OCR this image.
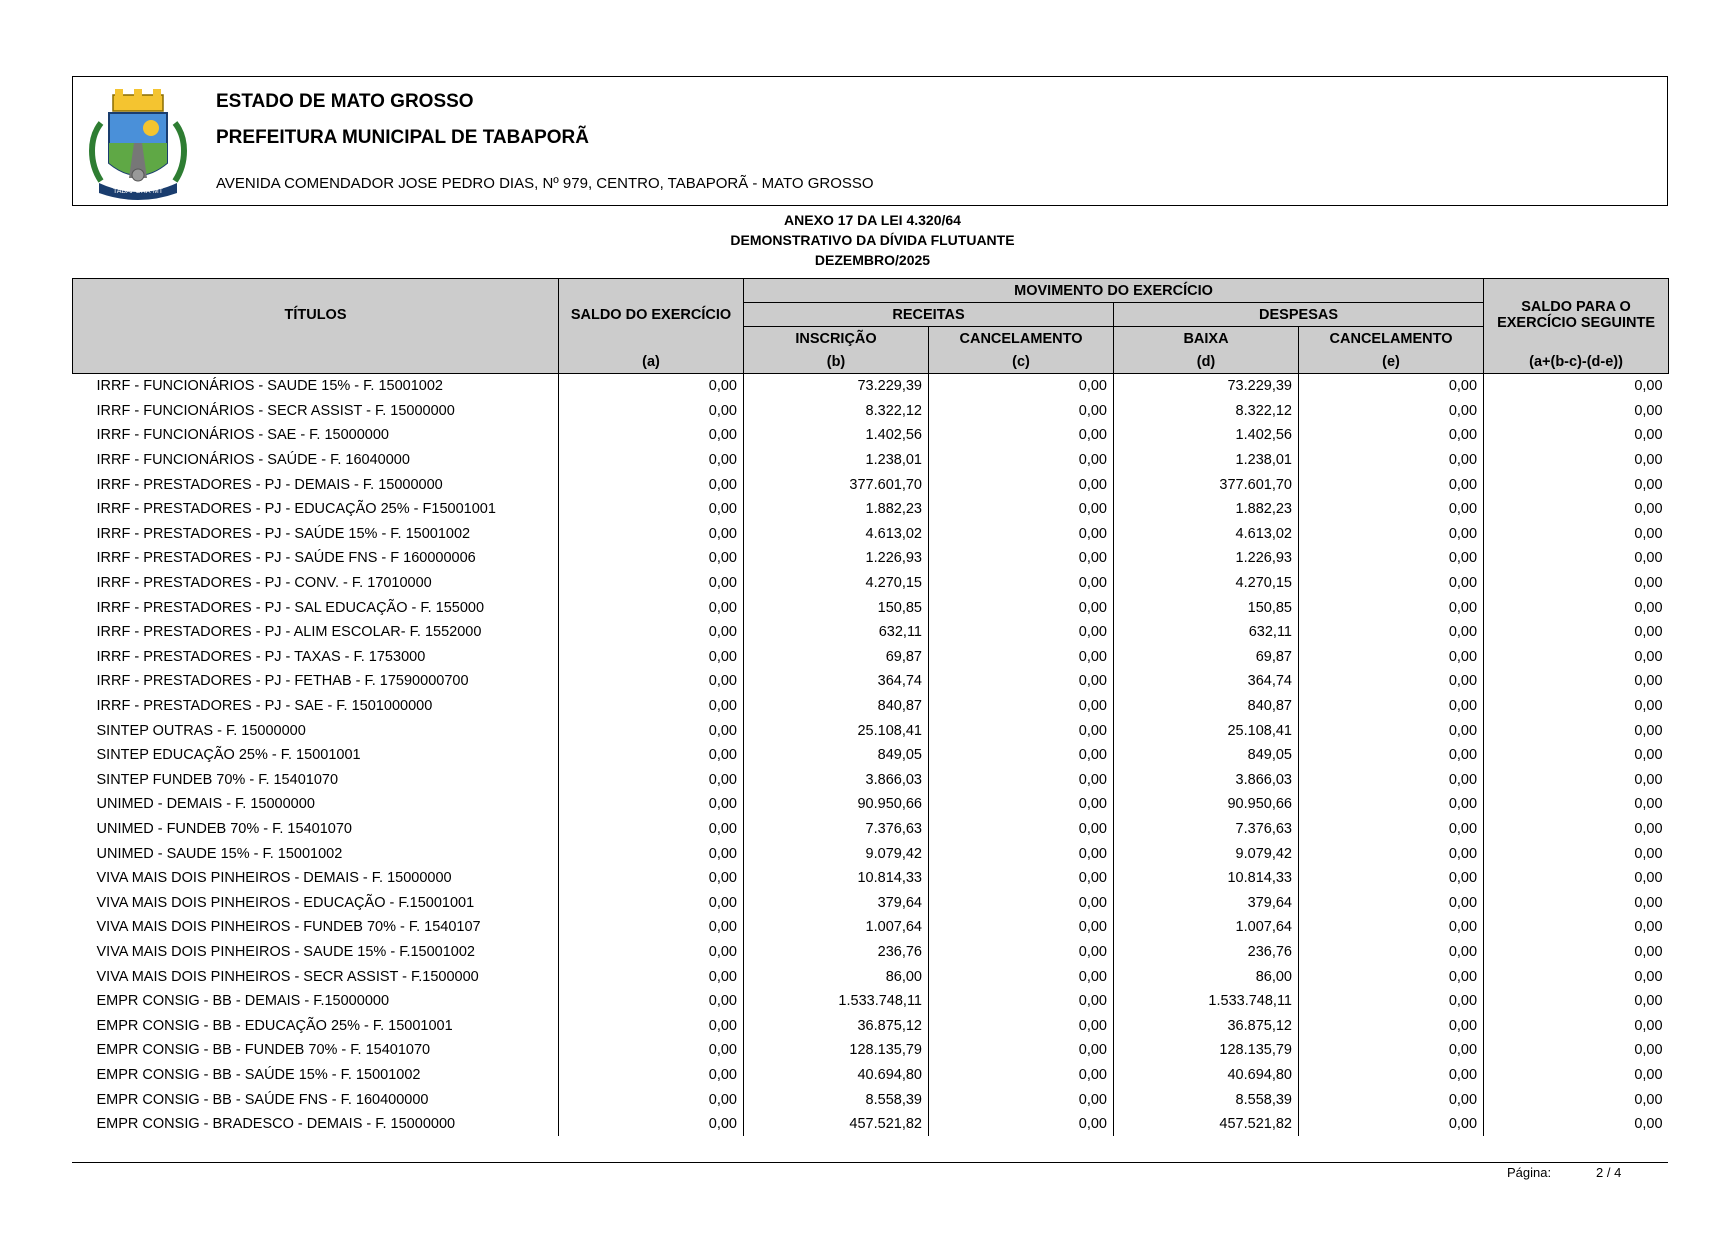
TABAPORÃ-MT
ESTADO DE MATO GROSSO
PREFEITURA MUNICIPAL DE TABAPORÃ
AVENIDA COMENDADOR JOSE PEDRO DIAS, Nº 979, CENTRO, TABAPORÃ - MATO GROSSO
ANEXO 17 DA LEI 4.320/64
DEMONSTRATIVO DA DÍVIDA FLUTUANTE
DEZEMBRO/2025
TÍTULOS	SALDO DO EXERCÍCIO	MOVIMENTO DO EXERCÍCIO				SALDO PARA O
EXERCÍCIO SEGUINTE
		RECEITAS		DESPESAS		
		INSCRIÇÃO	CANCELAMENTO	BAIXA	CANCELAMENTO	
	(a)	(b)	(c)	(d)	(e)	(a+(b-c)-(d-e))
IRRF - FUNCIONÁRIOS - SAUDE 15% - F. 15001002	0,00	73.229,39	0,00	73.229,39	0,00	0,00
IRRF - FUNCIONÁRIOS - SECR ASSIST - F. 15000000	0,00	8.322,12	0,00	8.322,12	0,00	0,00
IRRF - FUNCIONÁRIOS - SAE - F. 15000000	0,00	1.402,56	0,00	1.402,56	0,00	0,00
IRRF - FUNCIONÁRIOS - SAÚDE - F. 16040000	0,00	1.238,01	0,00	1.238,01	0,00	0,00
IRRF - PRESTADORES - PJ - DEMAIS - F. 15000000	0,00	377.601,70	0,00	377.601,70	0,00	0,00
IRRF - PRESTADORES - PJ - EDUCAÇÃO 25% - F15001001	0,00	1.882,23	0,00	1.882,23	0,00	0,00
IRRF - PRESTADORES - PJ - SAÚDE 15% - F. 15001002	0,00	4.613,02	0,00	4.613,02	0,00	0,00
IRRF - PRESTADORES - PJ - SAÚDE FNS - F 160000006	0,00	1.226,93	0,00	1.226,93	0,00	0,00
IRRF - PRESTADORES - PJ - CONV. - F. 17010000	0,00	4.270,15	0,00	4.270,15	0,00	0,00
IRRF - PRESTADORES - PJ - SAL EDUCAÇÃO - F. 155000	0,00	150,85	0,00	150,85	0,00	0,00
IRRF - PRESTADORES - PJ - ALIM ESCOLAR- F. 1552000	0,00	632,11	0,00	632,11	0,00	0,00
IRRF - PRESTADORES - PJ - TAXAS - F. 1753000	0,00	69,87	0,00	69,87	0,00	0,00
IRRF - PRESTADORES - PJ - FETHAB - F. 17590000700	0,00	364,74	0,00	364,74	0,00	0,00
IRRF - PRESTADORES - PJ - SAE - F. 1501000000	0,00	840,87	0,00	840,87	0,00	0,00
SINTEP OUTRAS - F. 15000000	0,00	25.108,41	0,00	25.108,41	0,00	0,00
SINTEP EDUCAÇÃO 25% - F. 15001001	0,00	849,05	0,00	849,05	0,00	0,00
SINTEP FUNDEB 70% - F. 15401070	0,00	3.866,03	0,00	3.866,03	0,00	0,00
UNIMED - DEMAIS - F. 15000000	0,00	90.950,66	0,00	90.950,66	0,00	0,00
UNIMED - FUNDEB 70% - F. 15401070	0,00	7.376,63	0,00	7.376,63	0,00	0,00
UNIMED - SAUDE 15% - F. 15001002	0,00	9.079,42	0,00	9.079,42	0,00	0,00
VIVA MAIS DOIS PINHEIROS - DEMAIS - F. 15000000	0,00	10.814,33	0,00	10.814,33	0,00	0,00
VIVA MAIS DOIS PINHEIROS - EDUCAÇÃO - F.15001001	0,00	379,64	0,00	379,64	0,00	0,00
VIVA MAIS DOIS PINHEIROS - FUNDEB 70% - F. 1540107	0,00	1.007,64	0,00	1.007,64	0,00	0,00
VIVA MAIS DOIS PINHEIROS - SAUDE 15% - F.15001002	0,00	236,76	0,00	236,76	0,00	0,00
VIVA MAIS DOIS PINHEIROS - SECR ASSIST - F.1500000	0,00	86,00	0,00	86,00	0,00	0,00
EMPR CONSIG - BB - DEMAIS - F.15000000	0,00	1.533.748,11	0,00	1.533.748,11	0,00	0,00
EMPR CONSIG - BB - EDUCAÇÃO 25% - F. 15001001	0,00	36.875,12	0,00	36.875,12	0,00	0,00
EMPR CONSIG - BB - FUNDEB 70% - F. 15401070	0,00	128.135,79	0,00	128.135,79	0,00	0,00
EMPR CONSIG - BB - SAÚDE 15% - F. 15001002	0,00	40.694,80	0,00	40.694,80	0,00	0,00
EMPR CONSIG - BB - SAÚDE FNS - F. 160400000	0,00	8.558,39	0,00	8.558,39	0,00	0,00
EMPR CONSIG - BRADESCO - DEMAIS - F. 15000000	0,00	457.521,82	0,00	457.521,82	0,00	0,00
Página:	2 / 4
